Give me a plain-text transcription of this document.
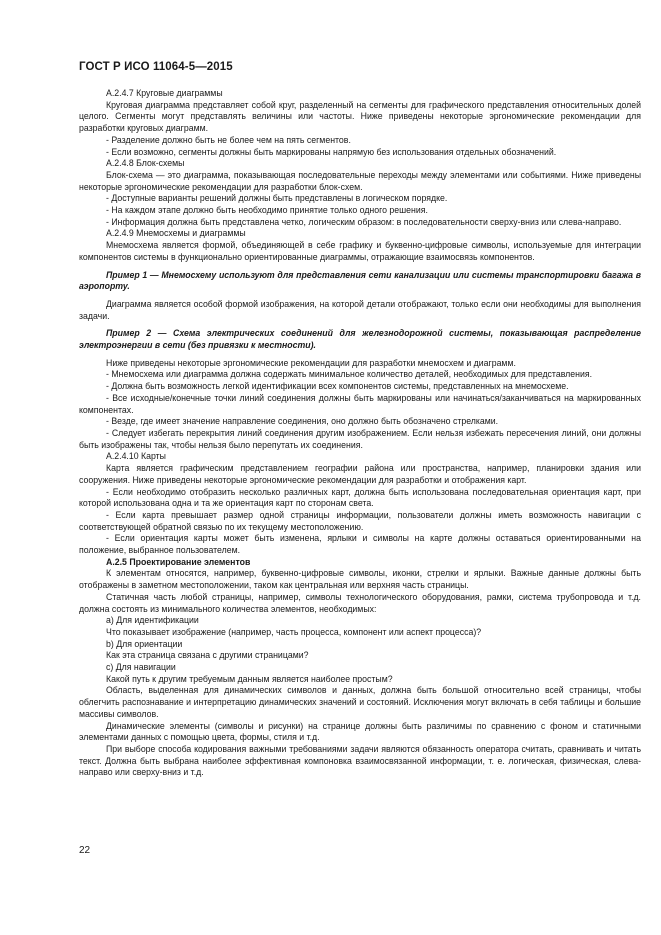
ГОСТ Р ИСО 11064-5—2015

А.2.4.7 Круговые диаграммы

Круговая диаграмма представляет собой круг, разделенный на сегменты для графического представления относительных долей целого. Сегменты могут представлять величины или частоты. Ниже приведены некоторые эргономические рекомендации для разработки круговых диаграмм.

- Разделение должно быть не более чем на пять сегментов.

- Если возможно, сегменты должны быть маркированы напрямую без использования отдельных обозначений.

А.2.4.8 Блок-схемы

Блок-схема — это диаграмма, показывающая последовательные переходы между элементами или событиями. Ниже приведены некоторые эргономические рекомендации для разработки блок-схем.

- Доступные варианты решений должны быть представлены в логическом порядке.

- На каждом этапе должно быть необходимо принятие только одного решения.

- Информация должна быть представлена четко, логическим образом: в последовательности сверху-вниз или слева-направо.

А.2.4.9 Мнемосхемы и диаграммы

Мнемосхема является формой, объединяющей в себе графику и буквенно-цифровые символы, используемые для интеграции компонентов системы в функционально ориентированные диаграммы, отражающие взаимосвязь компонентов.

Пример 1 — Мнемосхему используют для представления сети канализации или системы транспортировки багажа в аэропорту.

Диаграмма является особой формой изображения, на которой детали отображают, только если они необходимы для выполнения задачи.

Пример 2 — Схема электрических соединений для железнодорожной системы, показывающая распределение электроэнергии в сети (без привязки к местности).

Ниже приведены некоторые эргономические рекомендации для разработки мнемосхем и диаграмм.

- Мнемосхема или диаграмма должна содержать минимальное количество деталей, необходимых для представления.

- Должна быть возможность легкой идентификации всех компонентов системы, представленных на мнемосхеме.

- Все исходные/конечные точки линий соединения должны быть маркированы или начинаться/заканчиваться на маркированных компонентах.

- Везде, где имеет значение направление соединения, оно должно быть обозначено стрелками.

- Следует избегать перекрытия линий соединения другим изображением. Если нельзя избежать пересечения линий, они должны быть изображены так, чтобы нельзя было перепутать их соединения.

А.2.4.10 Карты

Карта является графическим представлением географии района или пространства, например, планировки здания или сооружения. Ниже приведены некоторые эргономические рекомендации для разработки и отображения карт.

- Если необходимо отобразить несколько различных карт, должна быть использована последовательная ориентация карт, при которой использована одна и та же ориентация карт по сторонам света.

- Если карта превышает размер одной страницы информации, пользователи должны иметь возможность навигации с соответствующей обратной связью по их текущему местоположению.

- Если ориентация карты может быть изменена, ярлыки и символы на карте должны оставаться ориентированными на положение, выбранное пользователем.

А.2.5 Проектирование элементов

К элементам относятся, например, буквенно-цифровые символы, иконки, стрелки и ярлыки. Важные данные должны быть отображены в заметном местоположении, таком как центральная или верхняя часть страницы.

Статичная часть любой страницы, например, символы технологического оборудования, рамки, система трубопровода и т.д. должна состоять из минимального количества элементов, необходимых:

a) Для идентификации

Что показывает изображение (например, часть процесса, компонент или аспект процесса)?

b) Для ориентации

Как эта страница связана с другими страницами?

c) Для навигации

Какой путь к другим требуемым данным является наиболее простым?

Область, выделенная для динамических символов и данных, должна быть большой относительно всей страницы, чтобы облегчить распознавание и интерпретацию динамических значений и состояний. Исключения могут включать в себя таблицы и большие массивы символов.

Динамические элементы (символы и рисунки) на странице должны быть различимы по сравнению с фоном и статичными элементами данных с помощью цвета, формы, стиля и т.д.

При выборе способа кодирования важными требованиями задачи являются обязанность оператора считать, сравнивать и читать текст. Должна быть выбрана наиболее эффективная компоновка взаимосвязанной информации, т. е. логическая, физическая, слева-направо или сверху-вниз и т.д.

22
